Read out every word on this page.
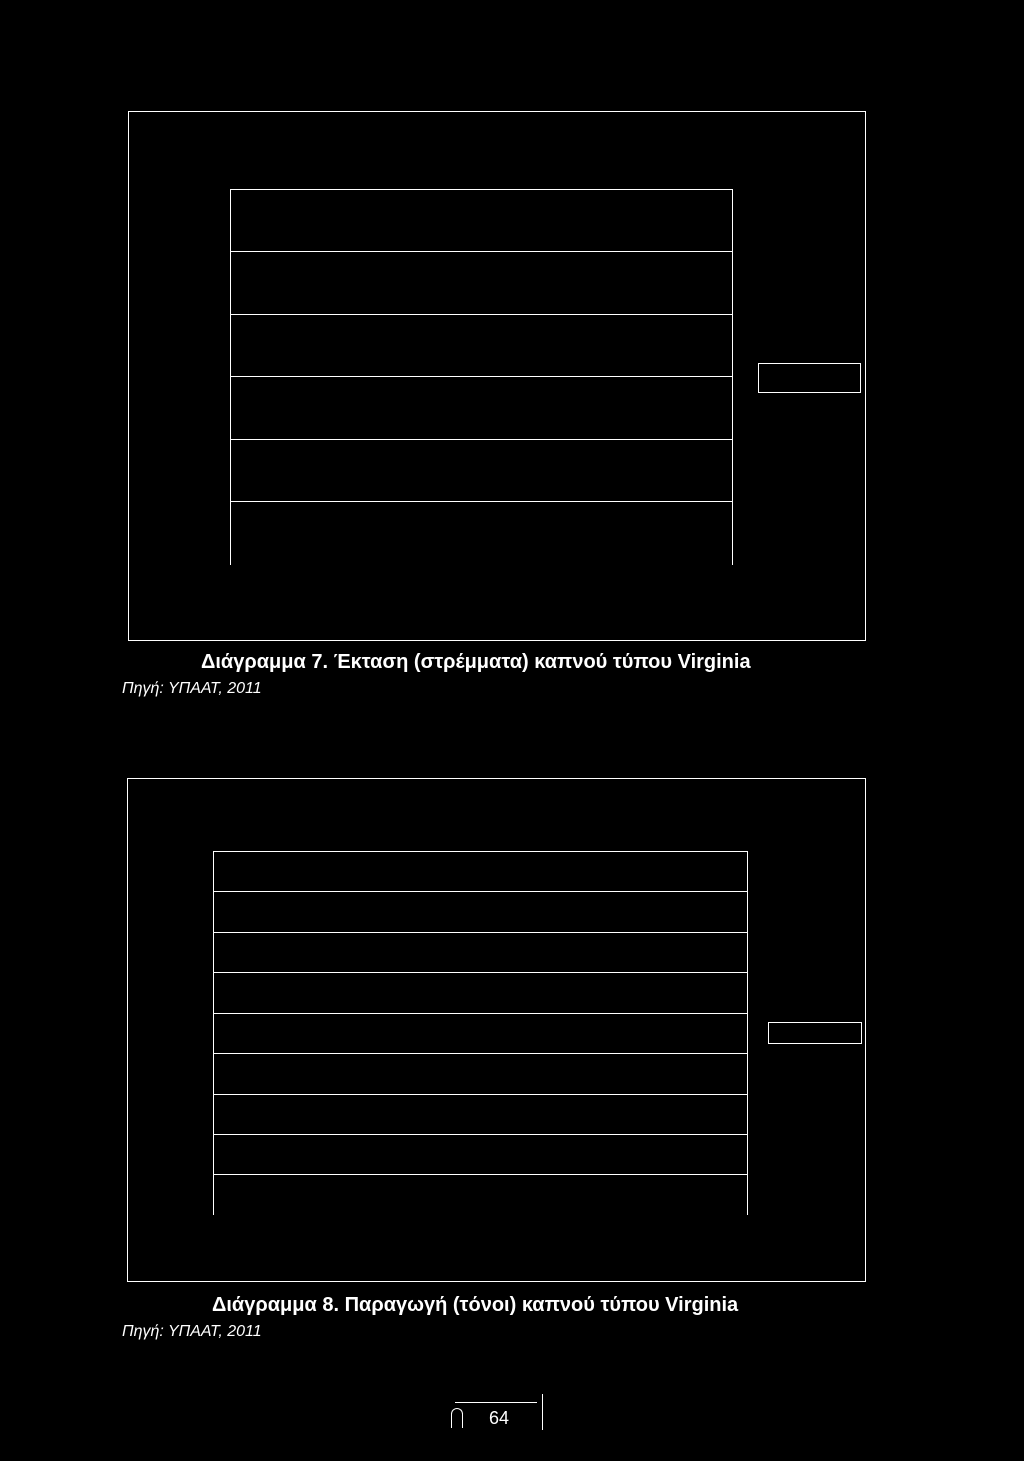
Διάγραμμα 7. Έκταση (στρέμματα) καπνού τύπου Virginia
Πηγή: ΥΠΑΑΤ, 2011
Διάγραμμα 8. Παραγωγή (τόνοι) καπνού τύπου Virginia
Πηγή: ΥΠΑΑΤ, 2011
64
